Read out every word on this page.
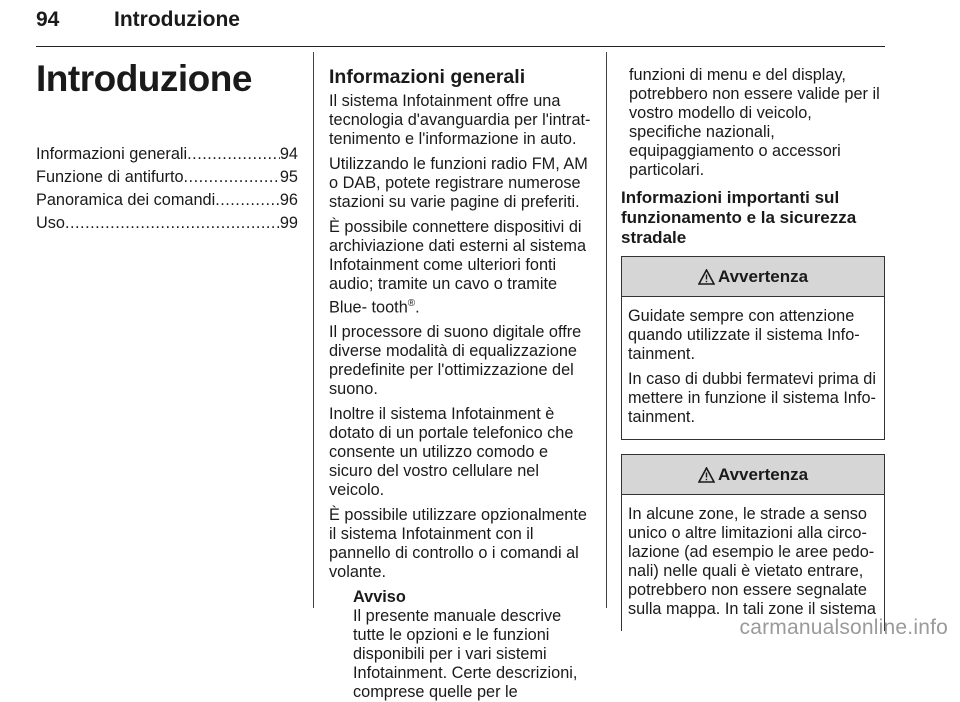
94	Introduzione
Introduzione
Informazioni generali .....	94
Funzione di antifurto .....	95
Panoramica dei comandi .....	96
Uso .....	99
Informazioni generali

Il sistema Infotainment offre una tecnologia d'avanguardia per l'intrat- tenimento e l'informazione in auto.

Utilizzando le funzioni radio FM, AM o DAB, potete registrare numerose stazioni su varie pagine di preferiti.

È possibile connettere dispositivi di archiviazione dati esterni al sistema Infotainment come ulteriori fonti audio; tramite un cavo o tramite Blue- tooth®.

Il processore di suono digitale offre diverse modalità di equalizzazione predefinite per l'ottimizzazione del suono.

Inoltre il sistema Infotainment è dotato di un portale telefonico che consente un utilizzo comodo e sicuro del vostro cellulare nel veicolo.

È possibile utilizzare opzionalmente il sistema Infotainment con il pannello di controllo o i comandi al volante.

Avviso
Il presente manuale descrive tutte le opzioni e le funzioni disponibili per i vari sistemi Infotainment. Certe descrizioni, comprese quelle per le

funzioni di menu e del display, potrebbero non essere valide per il vostro modello di veicolo, specifiche nazionali, equipaggiamento o accessori particolari.

Informazioni importanti sul funzionamento e la sicurezza stradale
Avvertenza

Guidate sempre con attenzione quando utilizzate il sistema Info- tainment.

In caso di dubbi fermatevi prima di mettere in funzione il sistema Info- tainment.

Avvertenza

In alcune zone, le strade a senso unico o altre limitazioni alla circo- lazione (ad esempio le aree pedo- nali) nelle quali è vietato entrare, potrebbero non essere segnalate sulla mappa. In tali zone il sistema

carmanualsonline.info
